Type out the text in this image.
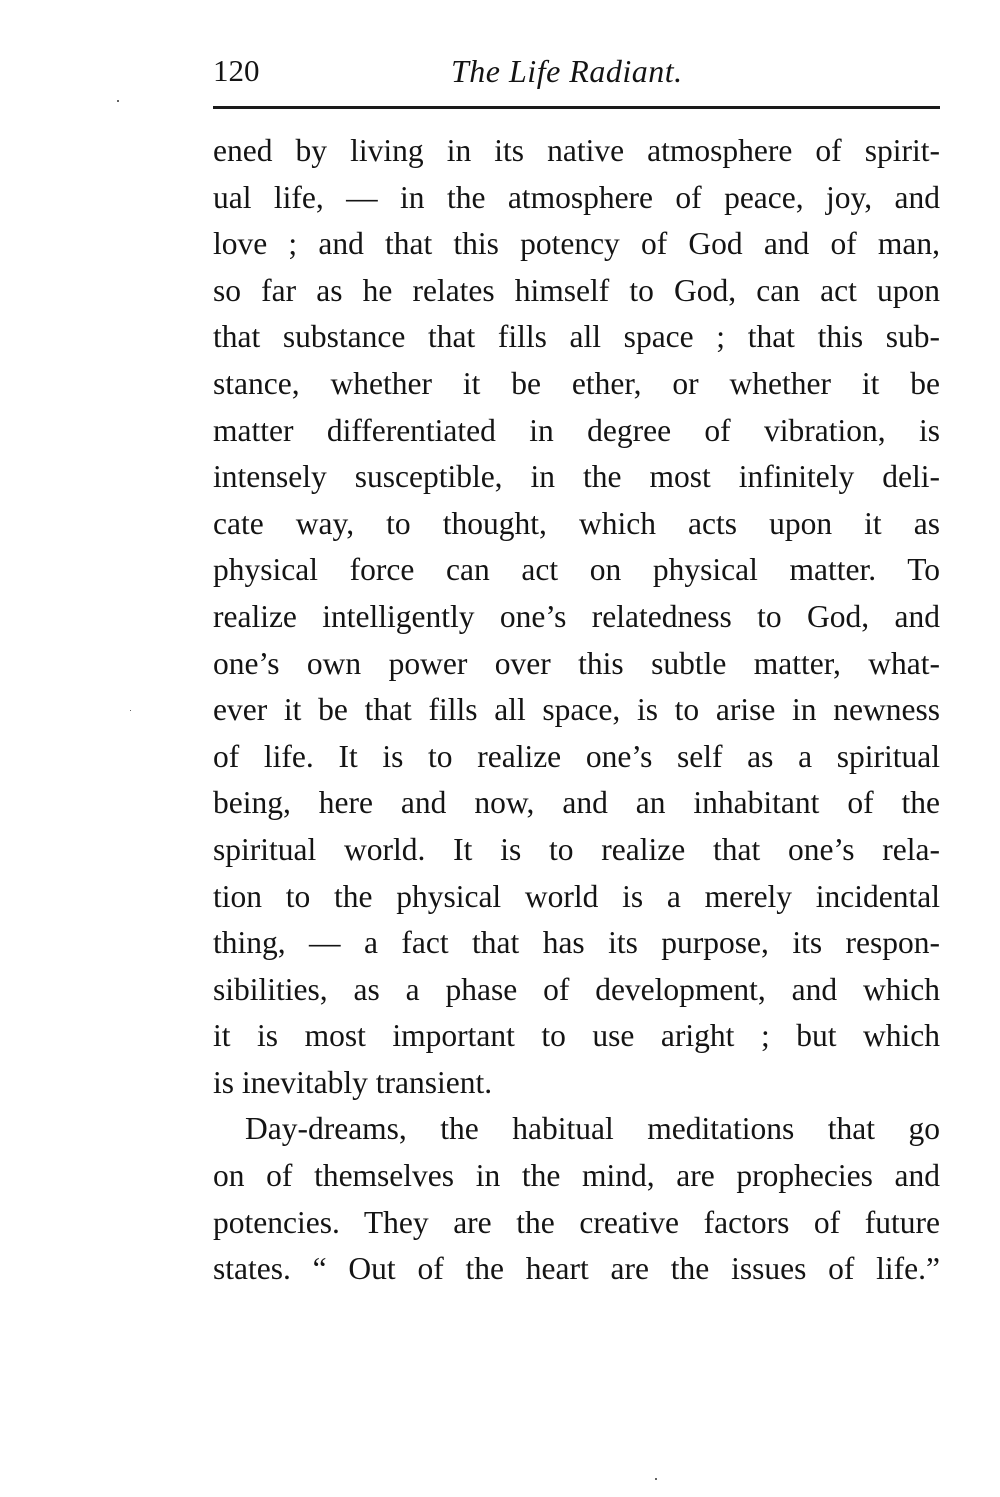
120	The Life Radiant.
ened by living in its native atmosphere of spirit-
ual life, — in the atmosphere of peace, joy, and
love ; and that this potency of God and of man,
so far as he relates himself to God, can act upon
that substance that fills all space ; that this sub-
stance, whether it be ether, or whether it be
matter differentiated in degree of vibration, is
intensely susceptible, in the most infinitely deli-
cate way, to thought, which acts upon it as
physical force can act on physical matter. To
realize intelligently one’s relatedness to God, and
one’s own power over this subtle matter, what-
ever it be that fills all space, is to arise in newness
of life. It is to realize one’s self as a spiritual
being, here and now, and an inhabitant of the
spiritual world. It is to realize that one’s rela-
tion to the physical world is a merely incidental
thing, — a fact that has its purpose, its respon-
sibilities, as a phase of development, and which
it is most important to use aright ; but which
is inevitably transient.
Day-dreams, the habitual meditations that go
on of themselves in the mind, are prophecies and
potencies. They are the creative factors of future
states. “ Out of the heart are the issues of life.”
